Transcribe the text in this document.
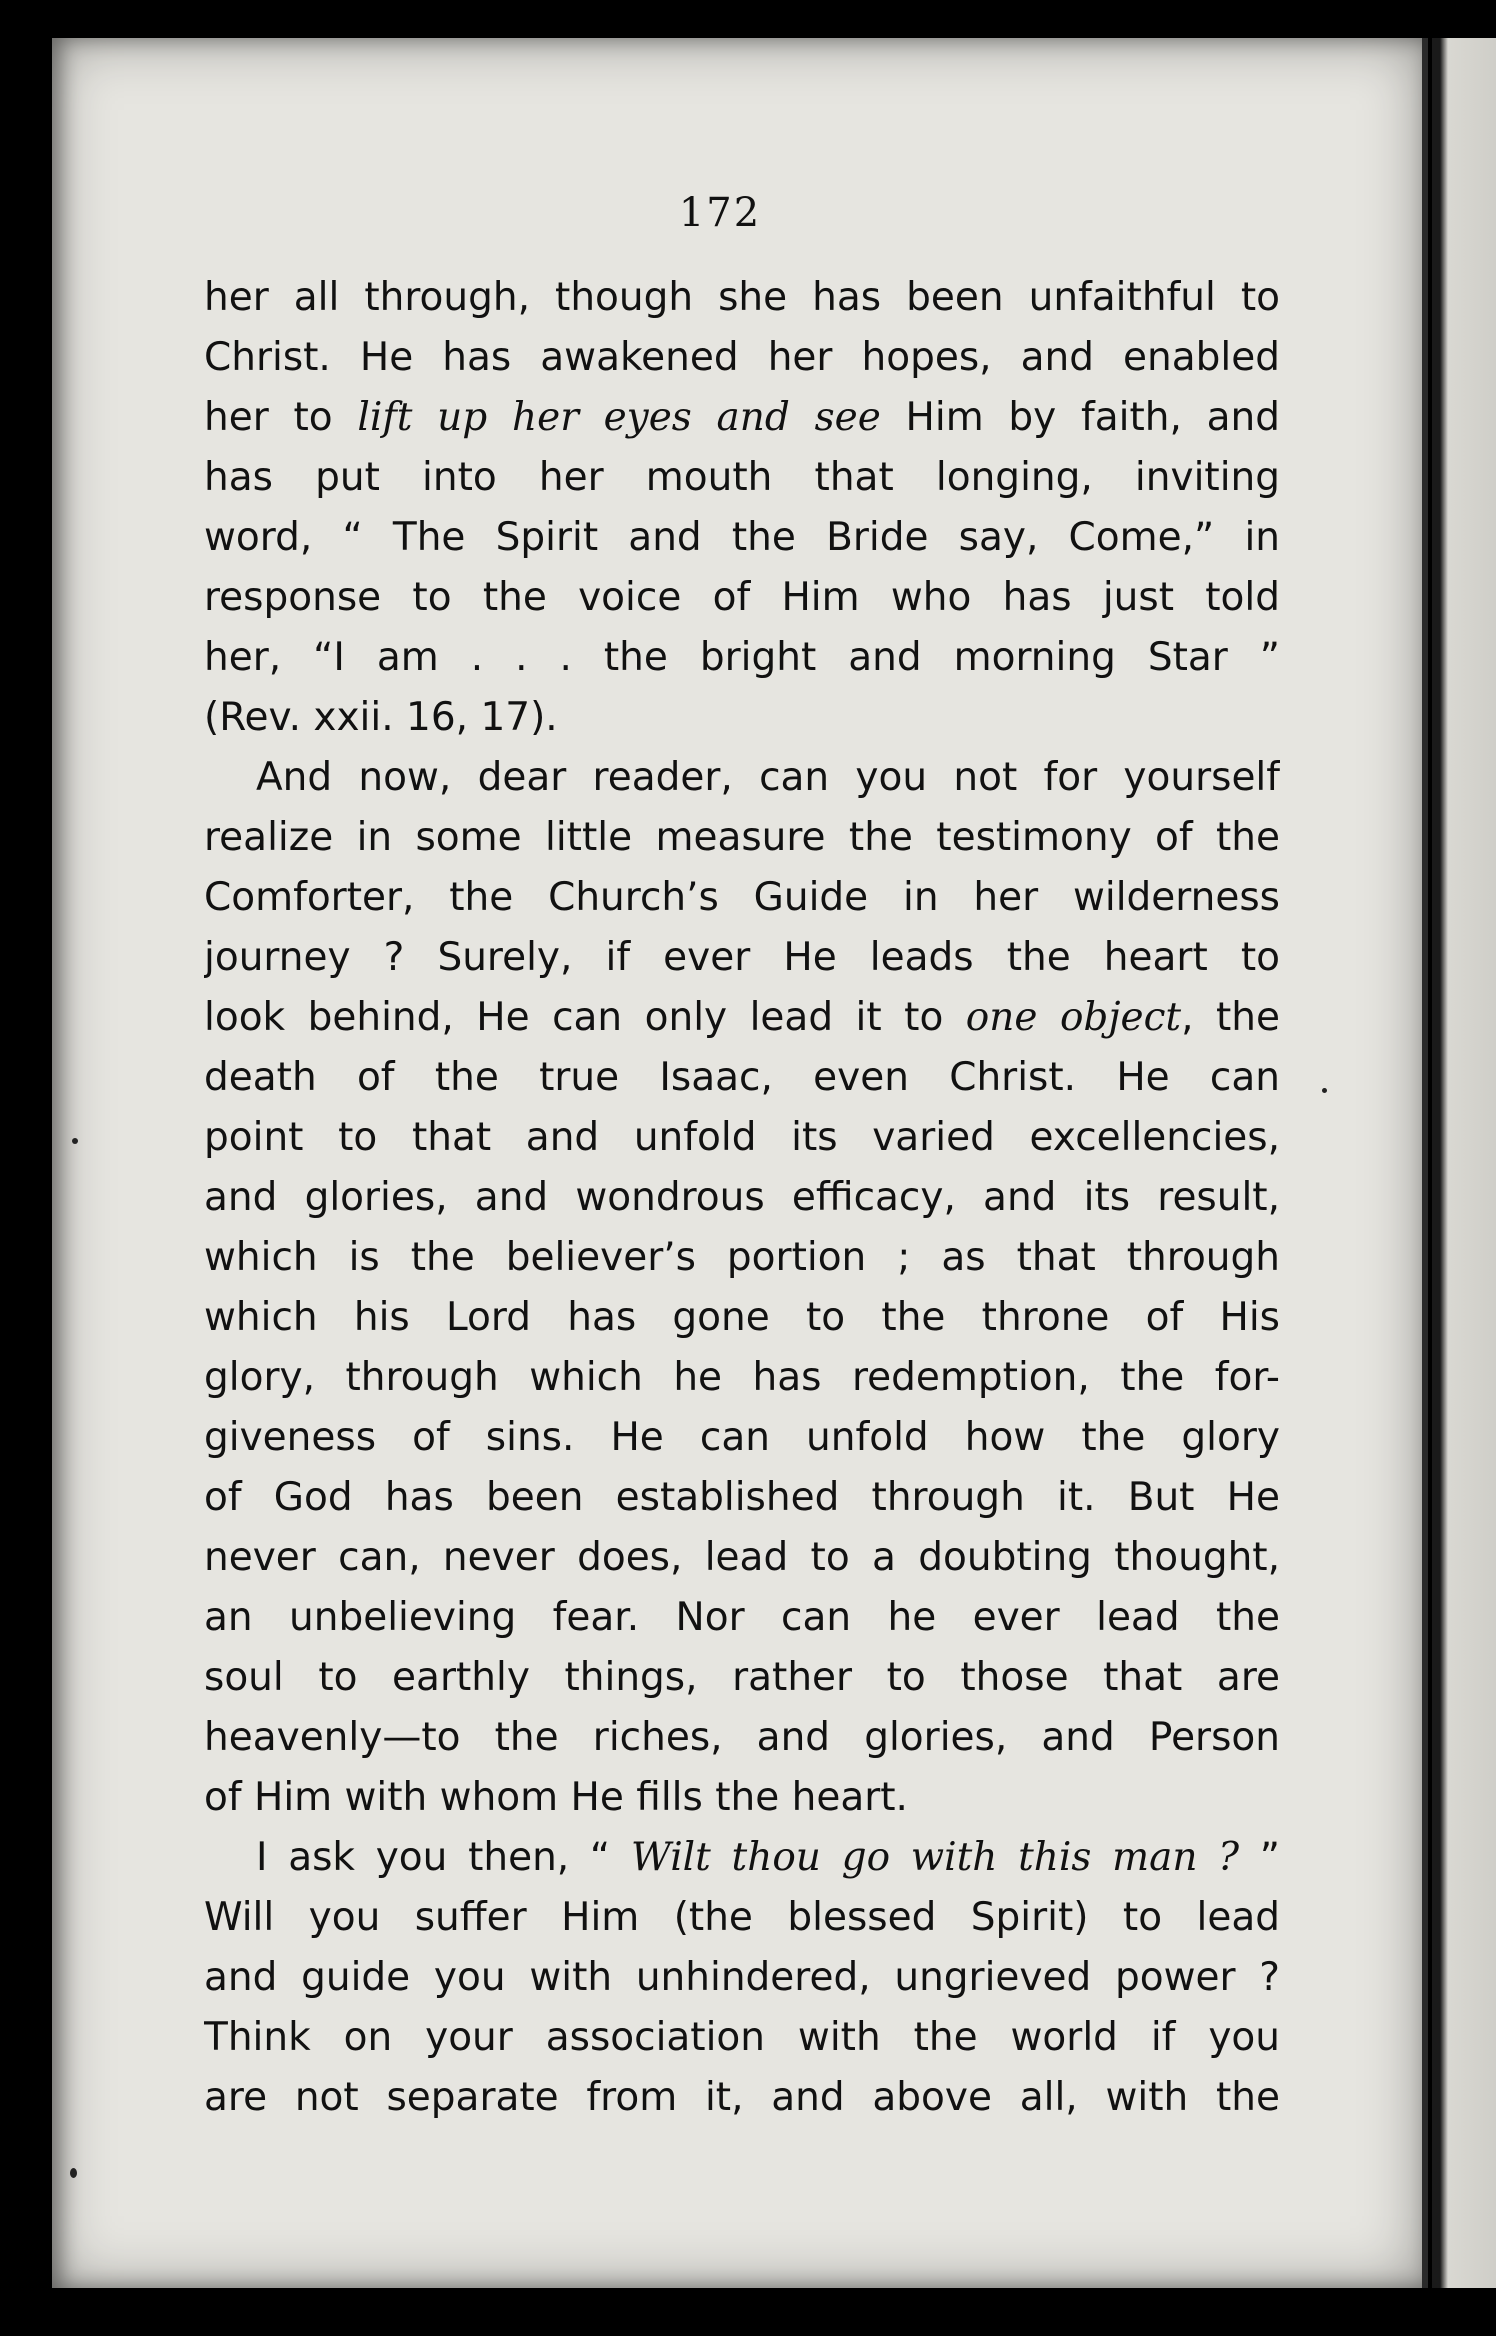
172
her all through, though she has been unfaithful to
Christ. He has awakened her hopes, and enabled
her to lift up her eyes and see Him by faith, and
has put into her mouth that longing, inviting
word, “ The Spirit and the Bride say, Come,” in
response to the voice of Him who has just told
her, “I am . . . the bright and morning Star ”
(Rev. xxii. 16, 17).
And now, dear reader, can you not for yourself
realize in some little measure the testimony of the
Comforter, the Church’s Guide in her wilderness
journey ? Surely, if ever He leads the heart to
look behind, He can only lead it to one object, the
death of the true Isaac, even Christ. He can
point to that and unfold its varied excellencies,
and glories, and wondrous efficacy, and its result,
which is the believer’s portion ; as that through
which his Lord has gone to the throne of His
glory, through which he has redemption, the for-
giveness of sins. He can unfold how the glory
of God has been established through it. But He
never can, never does, lead to a doubting thought,
an unbelieving fear. Nor can he ever lead the
soul to earthly things, rather to those that are
heavenly—to the riches, and glories, and Person
of Him with whom He fills the heart.
I ask you then, “ Wilt thou go with this man ? ”
Will you suffer Him (the blessed Spirit) to lead
and guide you with unhindered, ungrieved power ?
Think on your association with the world if you
are not separate from it, and above all, with the
